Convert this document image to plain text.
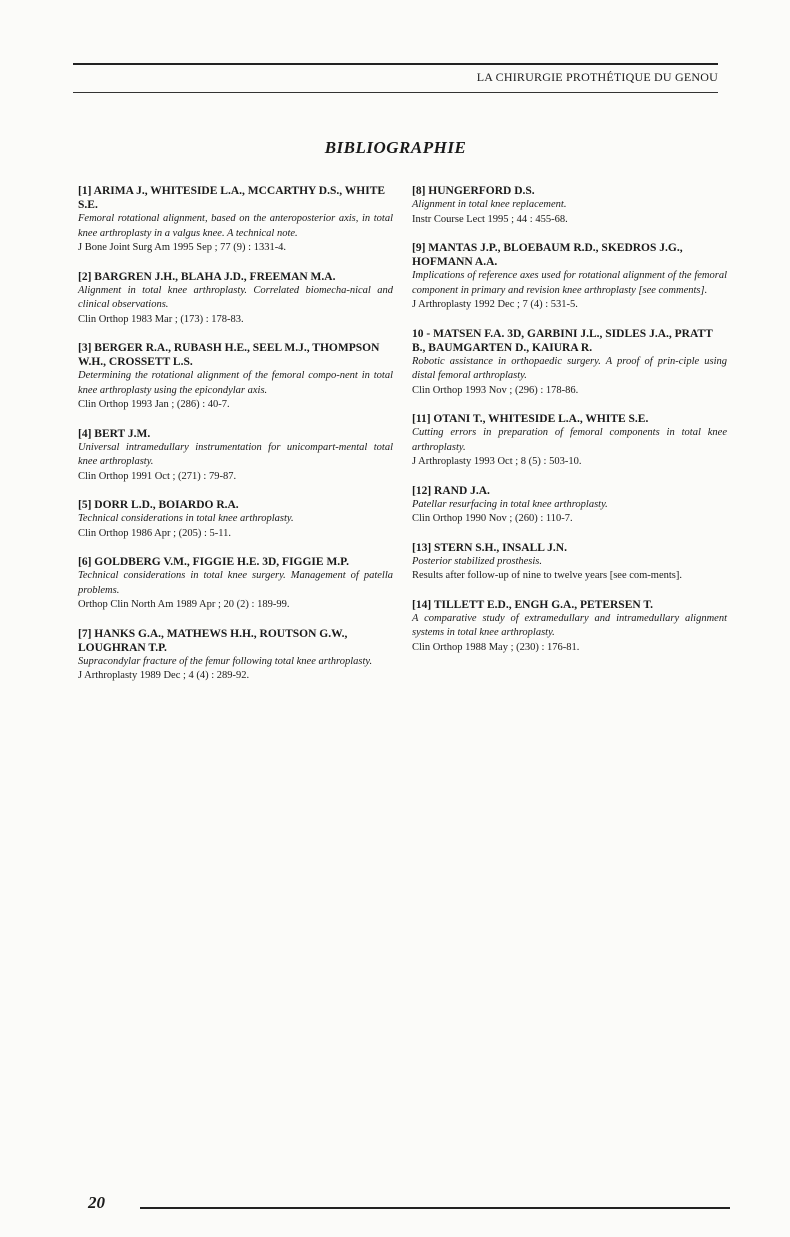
LA CHIRURGIE PROTHÉTIQUE DU GENOU
BIBLIOGRAPHIE
[1] ARIMA J., WHITESIDE L.A., MCCARTHY D.S., WHITE S.E.
Femoral rotational alignment, based on the anteroposterior axis, in total knee arthroplasty in a valgus knee. A technical note.
J Bone Joint Surg Am 1995 Sep ; 77 (9) : 1331-4.
[2] BARGREN J.H., BLAHA J.D., FREEMAN M.A.
Alignment in total knee arthroplasty. Correlated biomecha-nical and clinical observations.
Clin Orthop 1983 Mar ; (173) : 178-83.
[3] BERGER R.A., RUBASH H.E., SEEL M.J., THOMPSON W.H., CROSSETT L.S.
Determining the rotational alignment of the femoral compo-nent in total knee arthroplasty using the epicondylar axis.
Clin Orthop 1993 Jan ; (286) : 40-7.
[4] BERT J.M.
Universal intramedullary instrumentation for unicompart-mental total knee arthroplasty.
Clin Orthop 1991 Oct ; (271) : 79-87.
[5] DORR L.D., BOIARDO R.A.
Technical considerations in total knee arthroplasty.
Clin Orthop 1986 Apr ; (205) : 5-11.
[6] GOLDBERG V.M., FIGGIE H.E. 3D, FIGGIE M.P.
Technical considerations in total knee surgery. Management of patella problems.
Orthop Clin North Am 1989 Apr ; 20 (2) : 189-99.
[7] HANKS G.A., MATHEWS H.H., ROUTSON G.W., LOUGHRAN T.P.
Supracondylar fracture of the femur following total knee arthroplasty.
J Arthroplasty 1989 Dec ; 4 (4) : 289-92.
[8] HUNGERFORD D.S.
Alignment in total knee replacement.
Instr Course Lect 1995 ; 44 : 455-68.
[9] MANTAS J.P., BLOEBAUM R.D., SKEDROS J.G., HOFMANN A.A.
Implications of reference axes used for rotational alignment of the femoral component in primary and revision knee arthroplasty [see comments].
J Arthroplasty 1992 Dec ; 7 (4) : 531-5.
10 - MATSEN F.A. 3D, GARBINI J.L., SIDLES J.A., PRATT B., BAUMGARTEN D., KAIURA R.
Robotic assistance in orthopaedic surgery. A proof of prin-ciple using distal femoral arthroplasty.
Clin Orthop 1993 Nov ; (296) : 178-86.
[11] OTANI T., WHITESIDE L.A., WHITE S.E.
Cutting errors in preparation of femoral components in total knee arthroplasty.
J Arthroplasty 1993 Oct ; 8 (5) : 503-10.
[12] RAND J.A.
Patellar resurfacing in total knee arthroplasty.
Clin Orthop 1990 Nov ; (260) : 110-7.
[13] STERN S.H., INSALL J.N.
Posterior stabilized prosthesis.
Results after follow-up of nine to twelve years [see com-ments].
[14] TILLETT E.D., ENGH G.A., PETERSEN T.
A comparative study of extramedullary and intramedullary alignment systems in total knee arthroplasty.
Clin Orthop 1988 May ; (230) : 176-81.
20
